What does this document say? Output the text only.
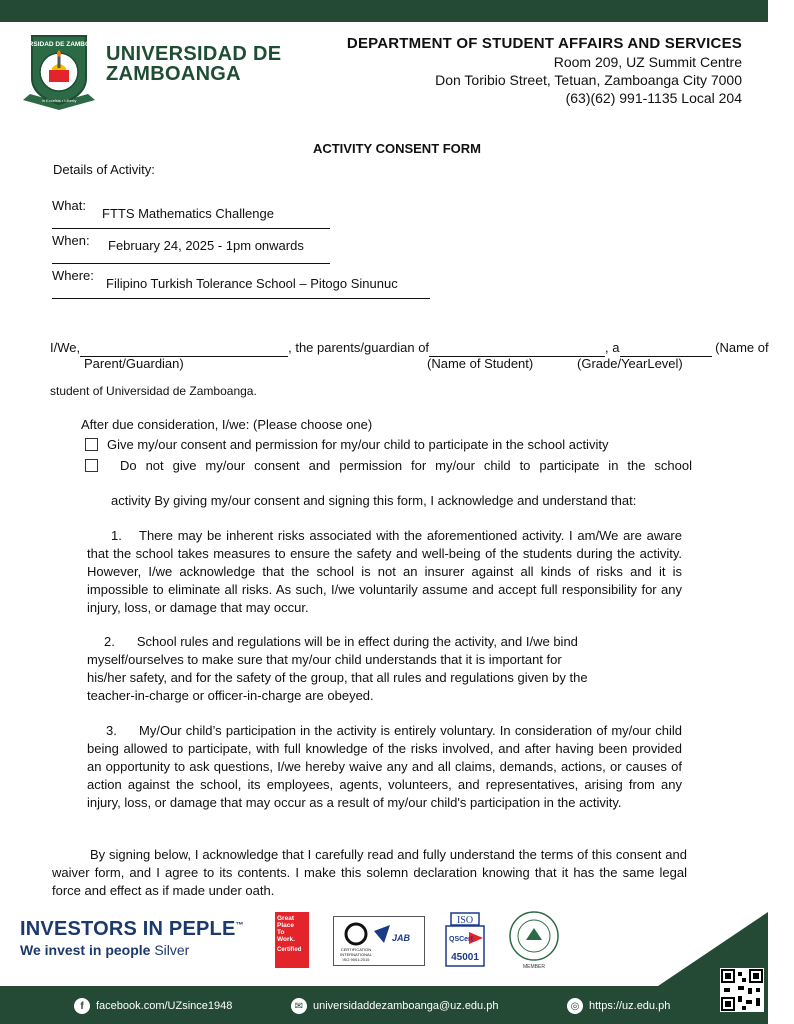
UNIVERSIDAD DE ZAMBOANGA
In Excelsis • Liberty
UNIVERSIDAD DE
ZAMBOANGA
DEPARTMENT OF STUDENT AFFAIRS AND SERVICES
Room 209, UZ Summit Centre
Don Toribio Street, Tetuan, Zamboanga City 7000
(63)(62) 991-1135 Local 204
ACTIVITY CONSENT FORM
Details of Activity:
What:
FTTS Mathematics Challenge
When: February 24, 2025 - 1pm onwards
Where:
Filipino Turkish Tolerance School – Pitogo Sinunuc
I/We,	, the parents/guardian of	, a	(Name of
Parent/Guardian)	(Name of Student)	(Grade/YearLevel)
student of Universidad de Zamboanga.
After due consideration, I/we: (Please choose one)
Give my/our consent and permission for my/our child to participate in the school activity
Do not give my/our consent and permission for my/our child to participate in the school
activity By giving my/our consent and signing this form, I acknowledge and understand that:
1. There may be inherent risks associated with the aforementioned activity. I am/We are aware that the school takes measures to ensure the safety and well-being of the students during the activity. However, I/we acknowledge that the school is not an insurer against all kinds of risks and it is impossible to eliminate all risks. As such, I/we voluntarily assume and accept full responsibility for any injury, loss, or damage that may occur.
2. School rules and regulations will be in effect during the activity, and I/we bind
myself/ourselves to make sure that my/our child understands that it is important for
his/her safety, and for the safety of the group, that all rules and regulations given by the
teacher-in-charge or officer-in-charge are obeyed.
3. My/Our child’s participation in the activity is entirely voluntary. In consideration of my/our child being allowed to participate, with full knowledge of the risks involved, and after having been provided an opportunity to ask questions, I/we hereby waive any and all claims, demands, actions, or causes of action against the school, its employees, agents, volunteers, and representatives, arising from any injury, loss, or damage that may occur as a result of my/our child's participation in the activity.
By signing below, I acknowledge that I carefully read and fully understand the terms of this consent and waiver form, and I agree to its contents. I make this solemn declaration knowing that it has the same legal force and effect as if made under oath.
INVESTORS IN PEPLE™
We invest in people Silver
Great
Place
To
Work.
Certified
JAB
CERTIFICATION
INTERNATIONAL
ISO 9001:2015
ISO
QSCert
45001
MEMBER
f	facebook.com/UZsince1948	✉ universidaddezamboanga@uz.edu.ph	◎ https://uz.edu.ph
